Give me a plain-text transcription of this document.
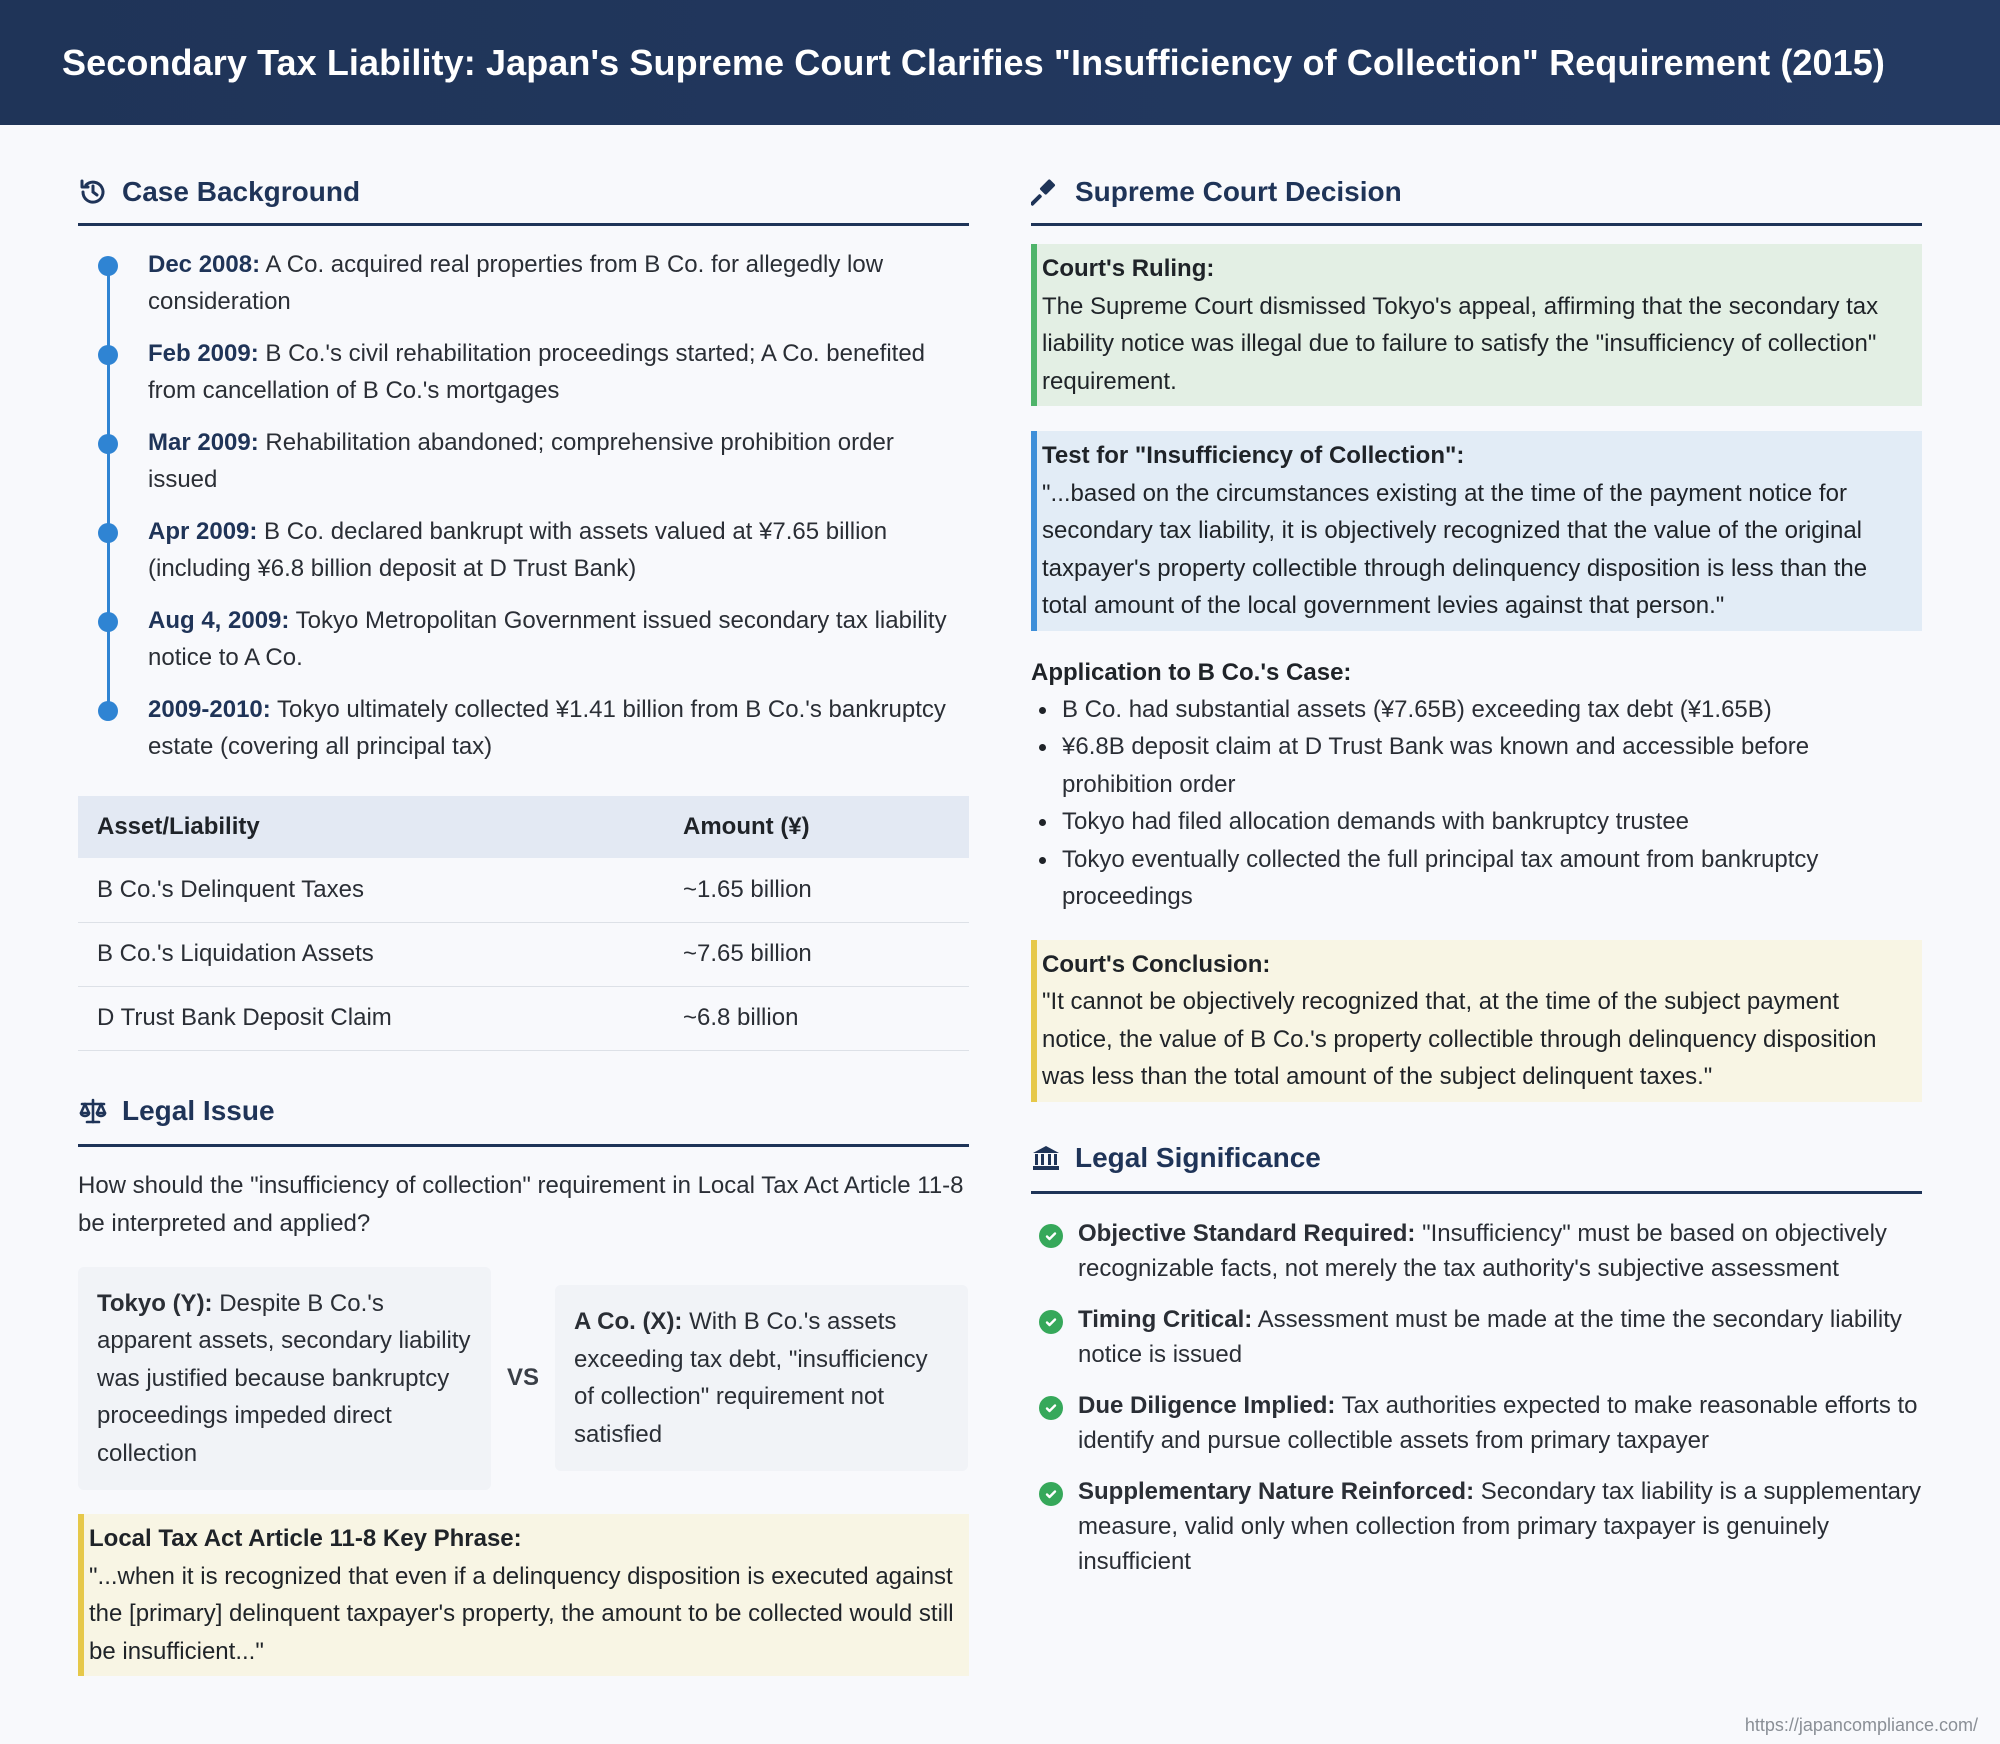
Secondary Tax Liability: Japan's Supreme Court Clarifies "Insufficiency of Collection" Requirement (2015)
Case Background
Dec 2008: A Co. acquired real properties from B Co. for allegedly low consideration
Feb 2009: B Co.'s civil rehabilitation proceedings started; A Co. benefited from cancellation of B Co.'s mortgages
Mar 2009: Rehabilitation abandoned; comprehensive prohibition order issued
Apr 2009: B Co. declared bankrupt with assets valued at ¥7.65 billion (including ¥6.8 billion deposit at D Trust Bank)
Aug 4, 2009: Tokyo Metropolitan Government issued secondary tax liability notice to A Co.
2009-2010: Tokyo ultimately collected ¥1.41 billion from B Co.'s bankruptcy estate (covering all principal tax)
Asset/Liability	Amount (¥)
B Co.'s Delinquent Taxes	~1.65 billion
B Co.'s Liquidation Assets	~7.65 billion
D Trust Bank Deposit Claim	~6.8 billion
Legal Issue

How should the "insufficiency of collection" requirement in Local Tax Act Article 11-8 be interpreted and applied?

Tokyo (Y): Despite B Co.'s apparent assets, secondary liability was justified because bankruptcy proceedings impeded direct collection
VS
A Co. (X): With B Co.'s assets exceeding tax debt, "insufficiency of collection" requirement not satisfied
Local Tax Act Article 11-8 Key Phrase:
"...when it is recognized that even if a delinquency disposition is executed against the [primary] delinquent taxpayer's property, the amount to be collected would still be insufficient..."
Supreme Court Decision
Court's Ruling:
The Supreme Court dismissed Tokyo's appeal, affirming that the secondary tax liability notice was illegal due to failure to satisfy the "insufficiency of collection" requirement.
Test for "Insufficiency of Collection":
"...based on the circumstances existing at the time of the payment notice for secondary tax liability, it is objectively recognized that the value of the original taxpayer's property collectible through delinquency disposition is less than the total amount of the local government levies against that person."
Application to B Co.'s Case:
B Co. had substantial assets (¥7.65B) exceeding tax debt (¥1.65B)
¥6.8B deposit claim at D Trust Bank was known and accessible before prohibition order
Tokyo had filed allocation demands with bankruptcy trustee
Tokyo eventually collected the full principal tax amount from bankruptcy proceedings
Court's Conclusion:
"It cannot be objectively recognized that, at the time of the subject payment notice, the value of B Co.'s property collectible through delinquency disposition was less than the total amount of the subject delinquent taxes."
Legal Significance
Objective Standard Required: "Insufficiency" must be based on objectively recognizable facts, not merely the tax authority's subjective assessment
Timing Critical: Assessment must be made at the time the secondary liability notice is issued
Due Diligence Implied: Tax authorities expected to make reasonable efforts to identify and pursue collectible assets from primary taxpayer
Supplementary Nature Reinforced: Secondary tax liability is a supplementary measure, valid only when collection from primary taxpayer is genuinely insufficient
https://japancompliance.com/
